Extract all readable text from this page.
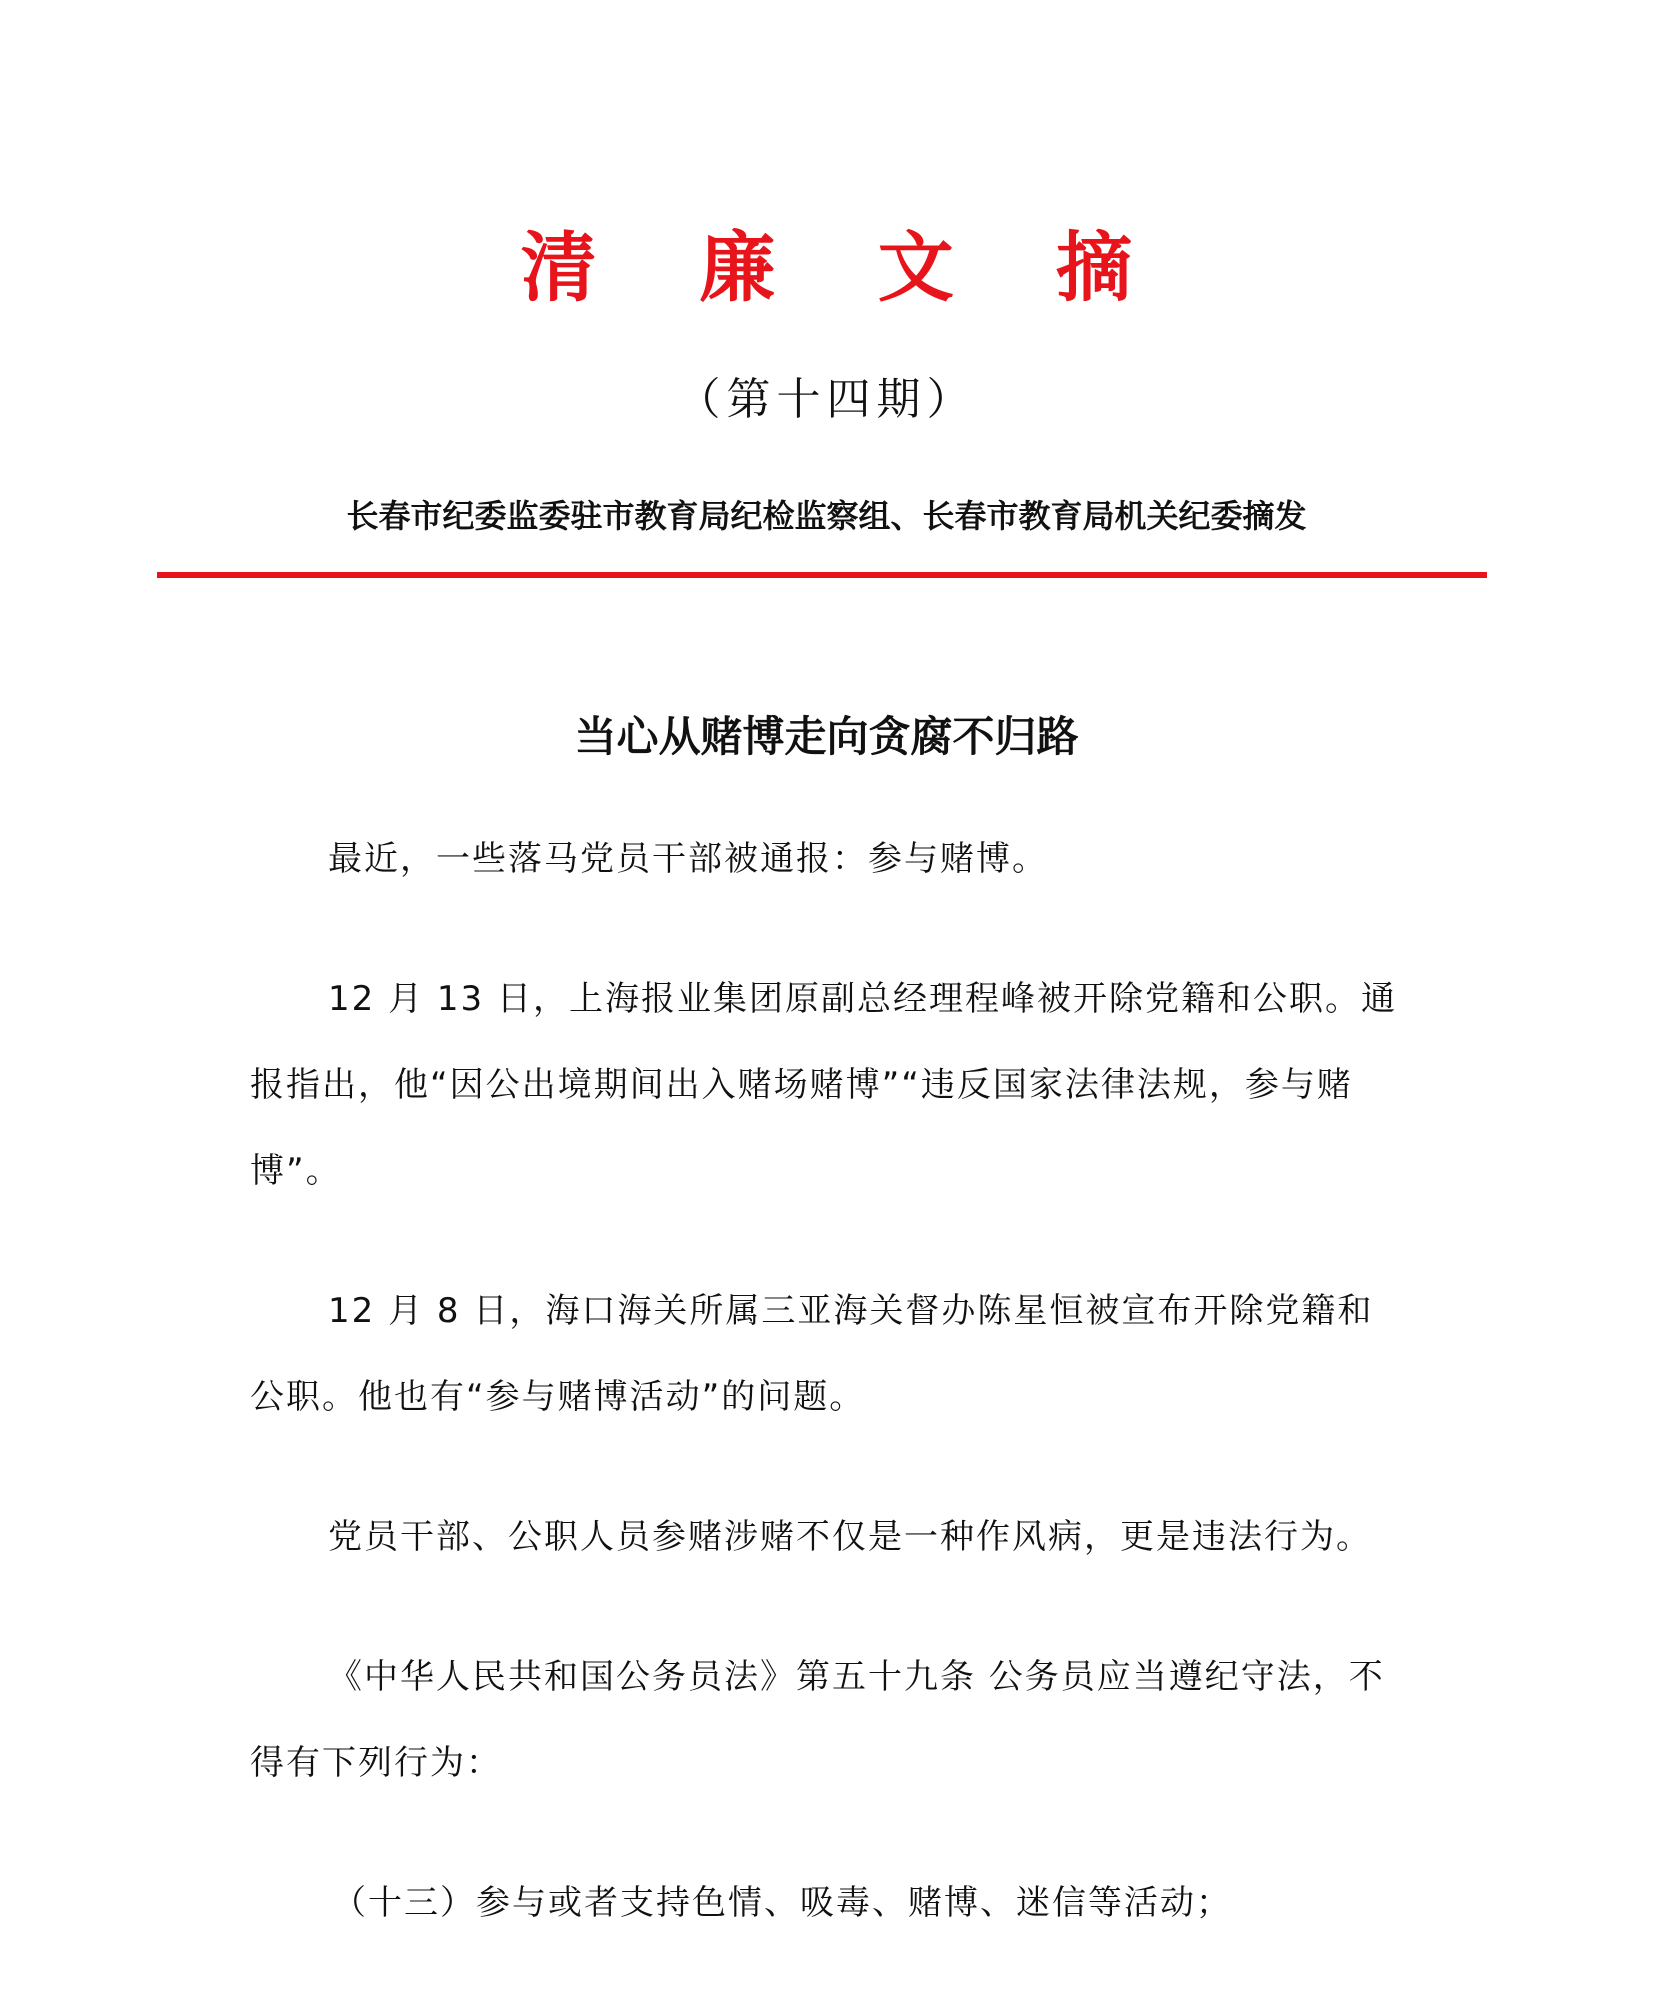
清 廉 文 摘
（第十四期）
长春市纪委监委驻市教育局纪检监察组、长春市教育局机关纪委摘发
当心从赌博走向贪腐不归路

最近，一些落马党员干部被通报：参与赌博。

12 月 13 日，上海报业集团原副总经理程峰被开除党籍和公职。通报指出，他“因公出境期间出入赌场赌博”“违反国家法律法规，参与赌博”。

12 月 8 日，海口海关所属三亚海关督办陈星恒被宣布开除党籍和公职。他也有“参与赌博活动”的问题。

党员干部、公职人员参赌涉赌不仅是一种作风病，更是违法行为。

《中华人民共和国公务员法》第五十九条 公务员应当遵纪守法，不得有下列行为：

（十三）参与或者支持色情、吸毒、赌博、迷信等活动；
